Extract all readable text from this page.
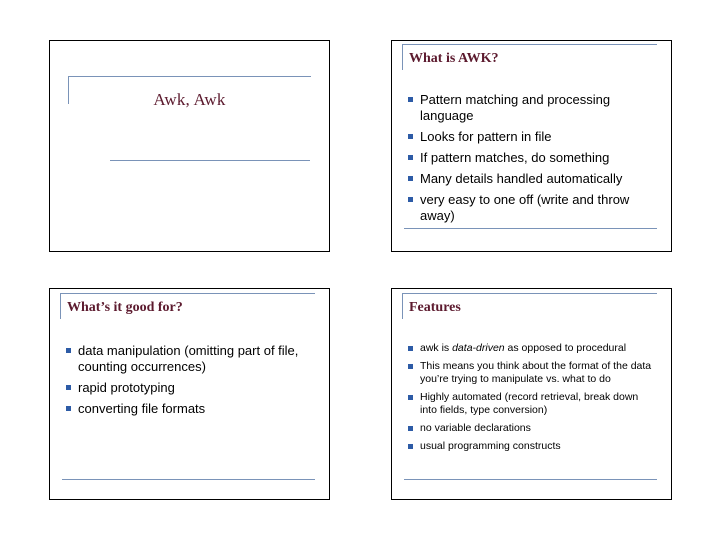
Awk, Awk
What is AWK?
Pattern matching and processing language
Looks for pattern in file
If pattern matches, do something
Many details handled automatically
very easy to one off (write and throw away)
What’s it good for?
data manipulation (omitting part of file, counting occurrences)
rapid prototyping
converting file formats
Features
awk is data-driven as opposed to procedural
This means you think about the format of the data you’re trying to manipulate vs. what to do
Highly automated (record retrieval, break down into fields, type conversion)
no variable declarations
usual programming constructs
